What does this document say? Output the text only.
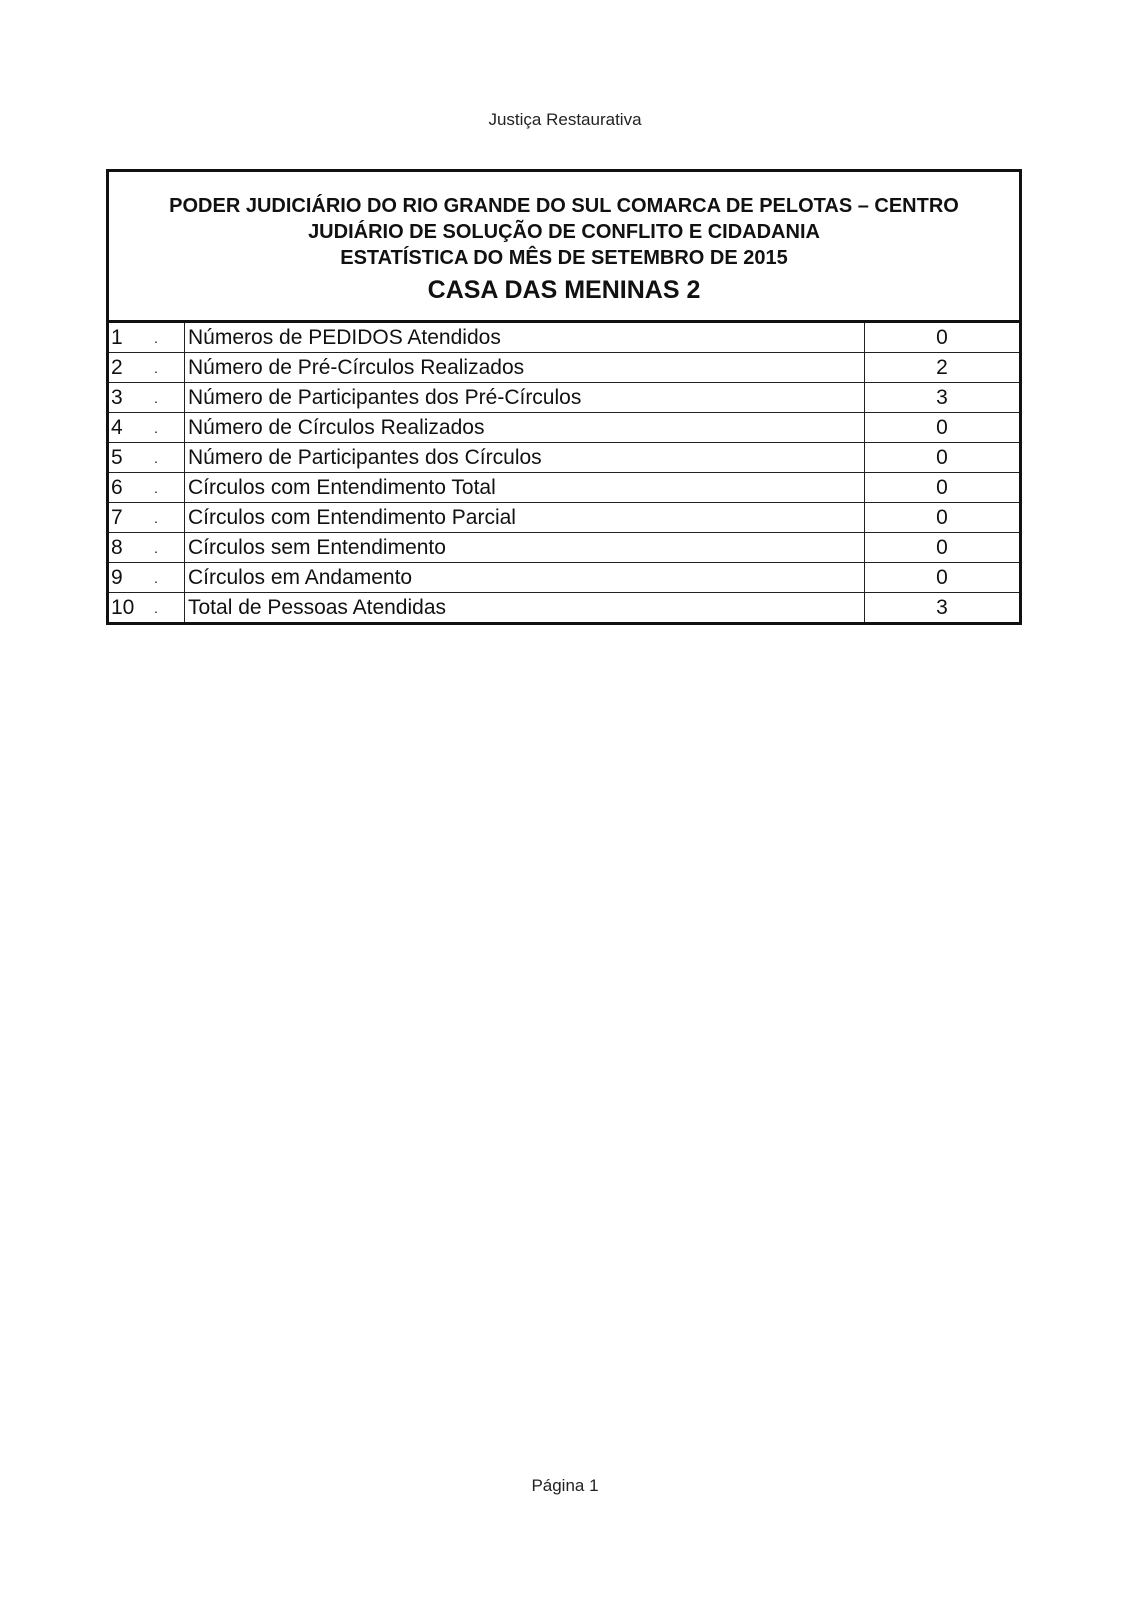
Justiça Restaurativa
PODER JUDICIÁRIO DO RIO GRANDE DO SUL COMARCA DE PELOTAS – CENTRO
JUDIÁRIO DE SOLUÇÃO DE CONFLITO E CIDADANIA
ESTATÍSTICA DO MÊS DE SETEMBRO DE 2015
CASA DAS MENINAS 2
1	.	Números de PEDIDOS Atendidos	0
2	.	Número de Pré-Círculos Realizados	2
3	.	Número de Participantes dos Pré-Círculos	3
4	.	Número de Círculos Realizados	0
5	.	Número de Participantes dos Círculos	0
6	.	Círculos com Entendimento Total	0
7	.	Círculos com Entendimento Parcial	0
8	.	Círculos sem Entendimento	0
9	.	Círculos em Andamento	0
10	.	Total de Pessoas Atendidas	3
Página 1
